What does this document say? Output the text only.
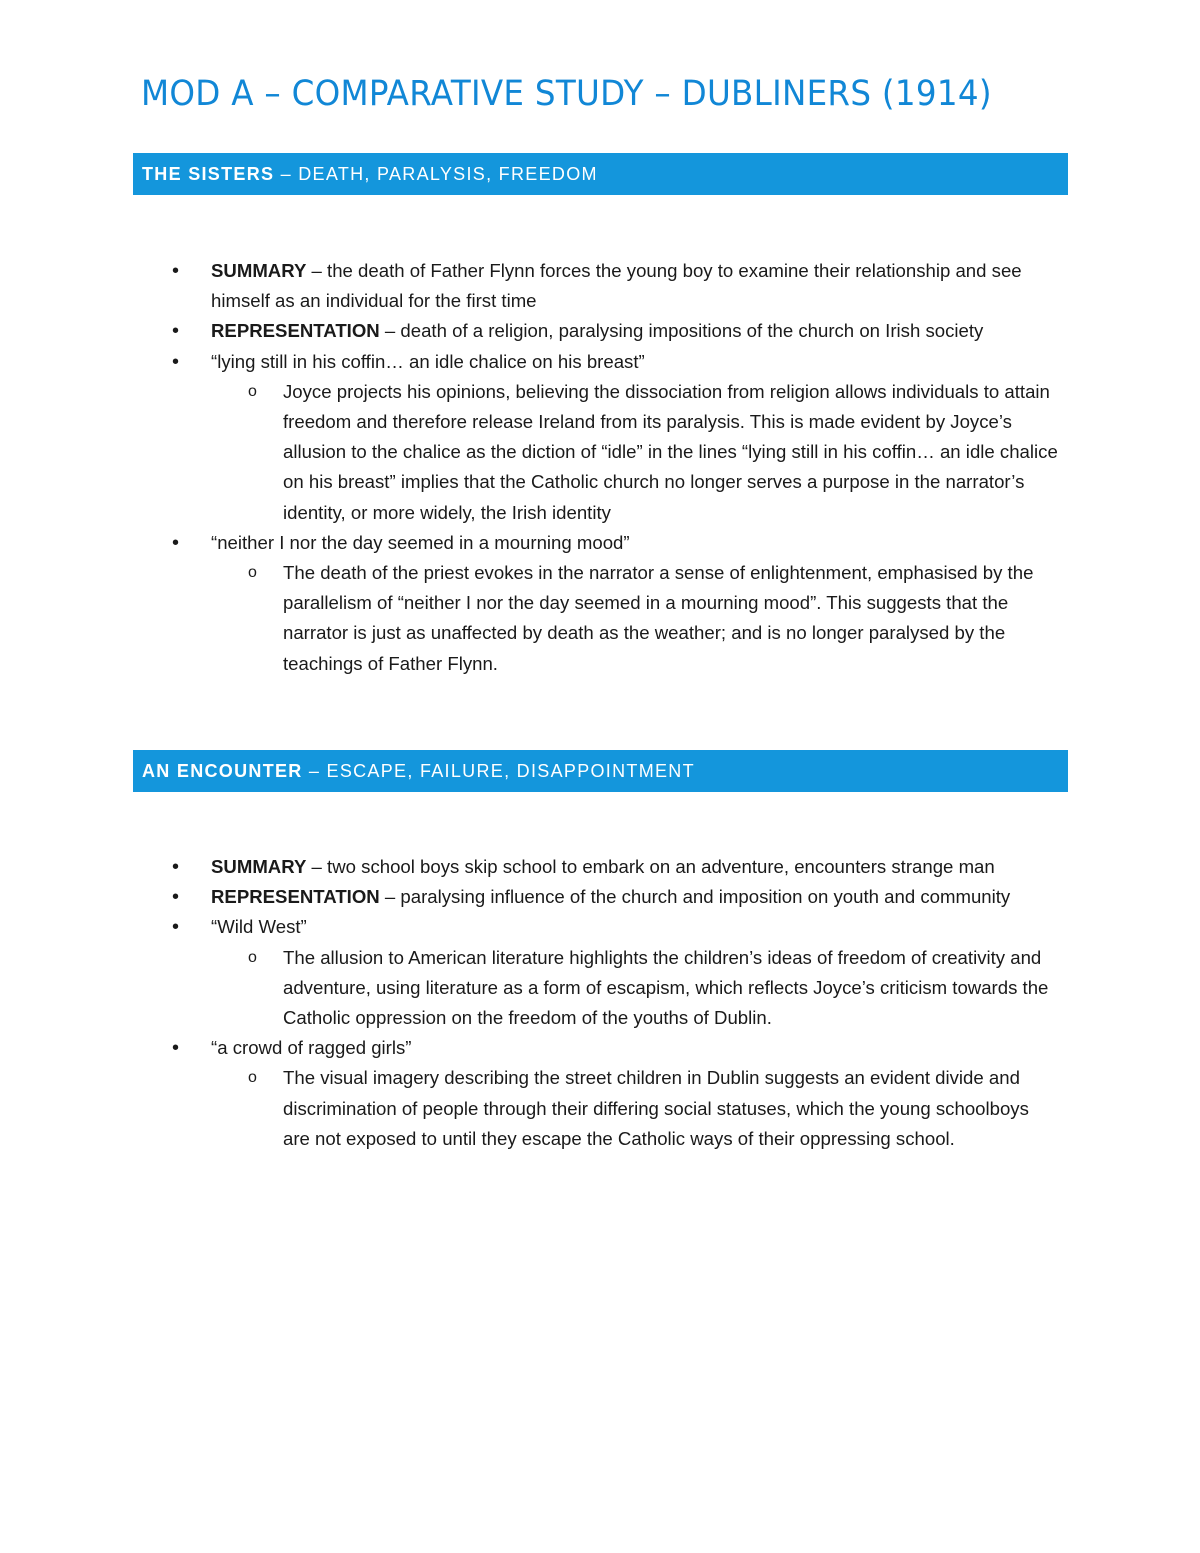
MOD A – COMPARATIVE STUDY – DUBLINERS (1914)
THE SISTERS – DEATH, PARALYSIS, FREEDOM
• SUMMARY – the death of Father Flynn forces the young boy to examine their relationship and see himself as an individual for the first time
• REPRESENTATION – death of a religion, paralysing impositions of the church on Irish society
• “lying still in his coffin… an idle chalice on his breast”
o Joyce projects his opinions, believing the dissociation from religion allows individuals to attain freedom and therefore release Ireland from its paralysis. This is made evident by Joyce’s allusion to the chalice as the diction of “idle” in the lines “lying still in his coffin… an idle chalice on his breast” implies that the Catholic church no longer serves a purpose in the narrator’s identity, or more widely, the Irish identity
• “neither I nor the day seemed in a mourning mood”
o The death of the priest evokes in the narrator a sense of enlightenment, emphasised by the parallelism of “neither I nor the day seemed in a mourning mood”. This suggests that the narrator is just as unaffected by death as the weather; and is no longer paralysed by the teachings of Father Flynn.
AN ENCOUNTER – ESCAPE, FAILURE, DISAPPOINTMENT
• SUMMARY – two school boys skip school to embark on an adventure, encounters strange man
• REPRESENTATION – paralysing influence of the church and imposition on youth and community
• “Wild West”
o The allusion to American literature highlights the children’s ideas of freedom of creativity and adventure, using literature as a form of escapism, which reflects Joyce’s criticism towards the Catholic oppression on the freedom of the youths of Dublin.
• “a crowd of ragged girls”
o The visual imagery describing the street children in Dublin suggests an evident divide and discrimination of people through their differing social statuses, which the young schoolboys are not exposed to until they escape the Catholic ways of their oppressing school.
